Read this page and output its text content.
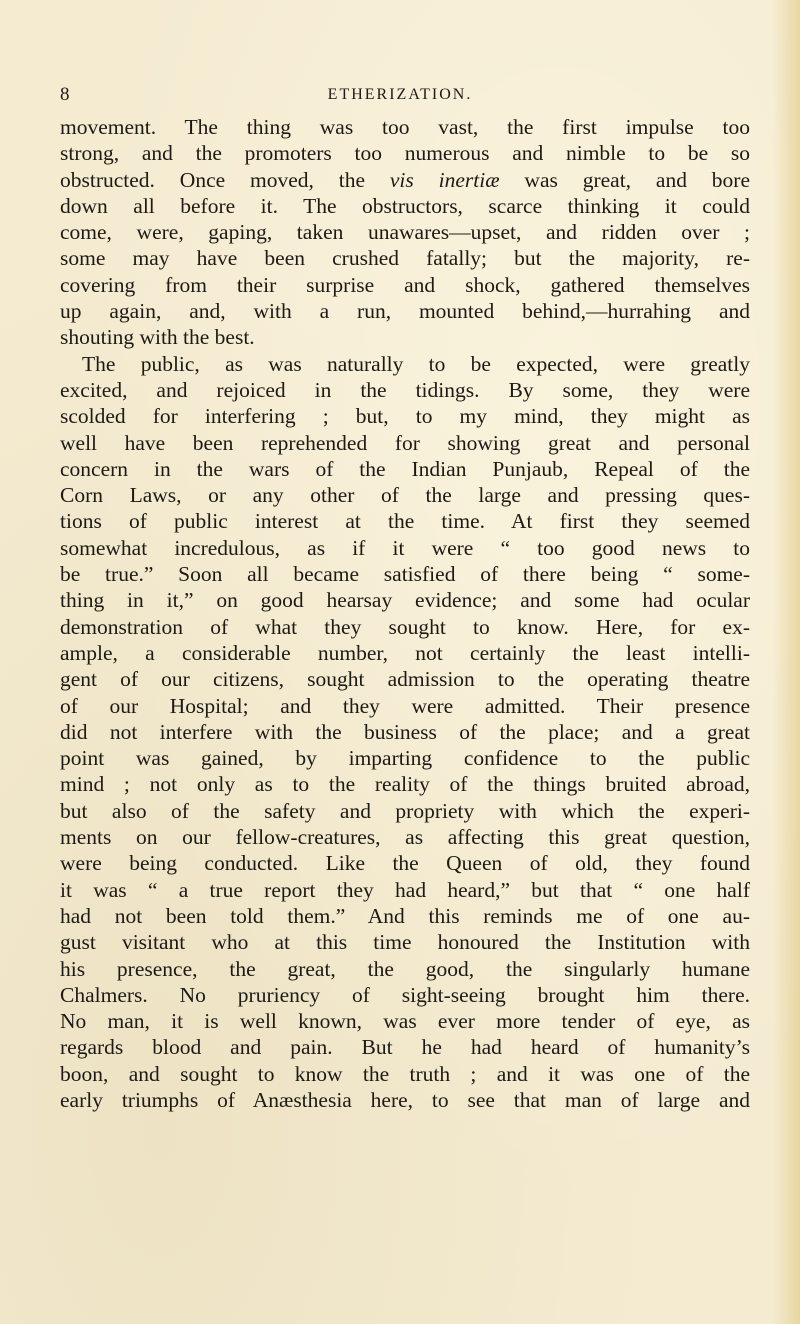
8	ETHERIZATION.
movement. The thing was too vast, the first impulse too
strong, and the promoters too numerous and nimble to be so
obstructed. Once moved, the vis inertiæ was great, and bore
down all before it. The obstructors, scarce thinking it could
come, were, gaping, taken unawares—upset, and ridden over ;
some may have been crushed fatally; but the majority, re-
covering from their surprise and shock, gathered themselves
up again, and, with a run, mounted behind,—hurrahing and
shouting with the best.
The public, as was naturally to be expected, were greatly
excited, and rejoiced in the tidings. By some, they were
scolded for interfering ; but, to my mind, they might as
well have been reprehended for showing great and personal
concern in the wars of the Indian Punjaub, Repeal of the
Corn Laws, or any other of the large and pressing ques-
tions of public interest at the time. At first they seemed
somewhat incredulous, as if it were “ too good news to
be true.” Soon all became satisfied of there being “ some-
thing in it,” on good hearsay evidence; and some had ocular
demonstration of what they sought to know. Here, for ex-
ample, a considerable number, not certainly the least intelli-
gent of our citizens, sought admission to the operating theatre
of our Hospital; and they were admitted. Their presence
did not interfere with the business of the place; and a great
point was gained, by imparting confidence to the public
mind ; not only as to the reality of the things bruited abroad,
but also of the safety and propriety with which the experi-
ments on our fellow-creatures, as affecting this great question,
were being conducted. Like the Queen of old, they found
it was “ a true report they had heard,” but that “ one half
had not been told them.” And this reminds me of one au-
gust visitant who at this time honoured the Institution with
his presence, the great, the good, the singularly humane
Chalmers. No pruriency of sight-seeing brought him there.
No man, it is well known, was ever more tender of eye, as
regards blood and pain. But he had heard of humanity’s
boon, and sought to know the truth ; and it was one of the
early triumphs of Anæsthesia here, to see that man of large and
